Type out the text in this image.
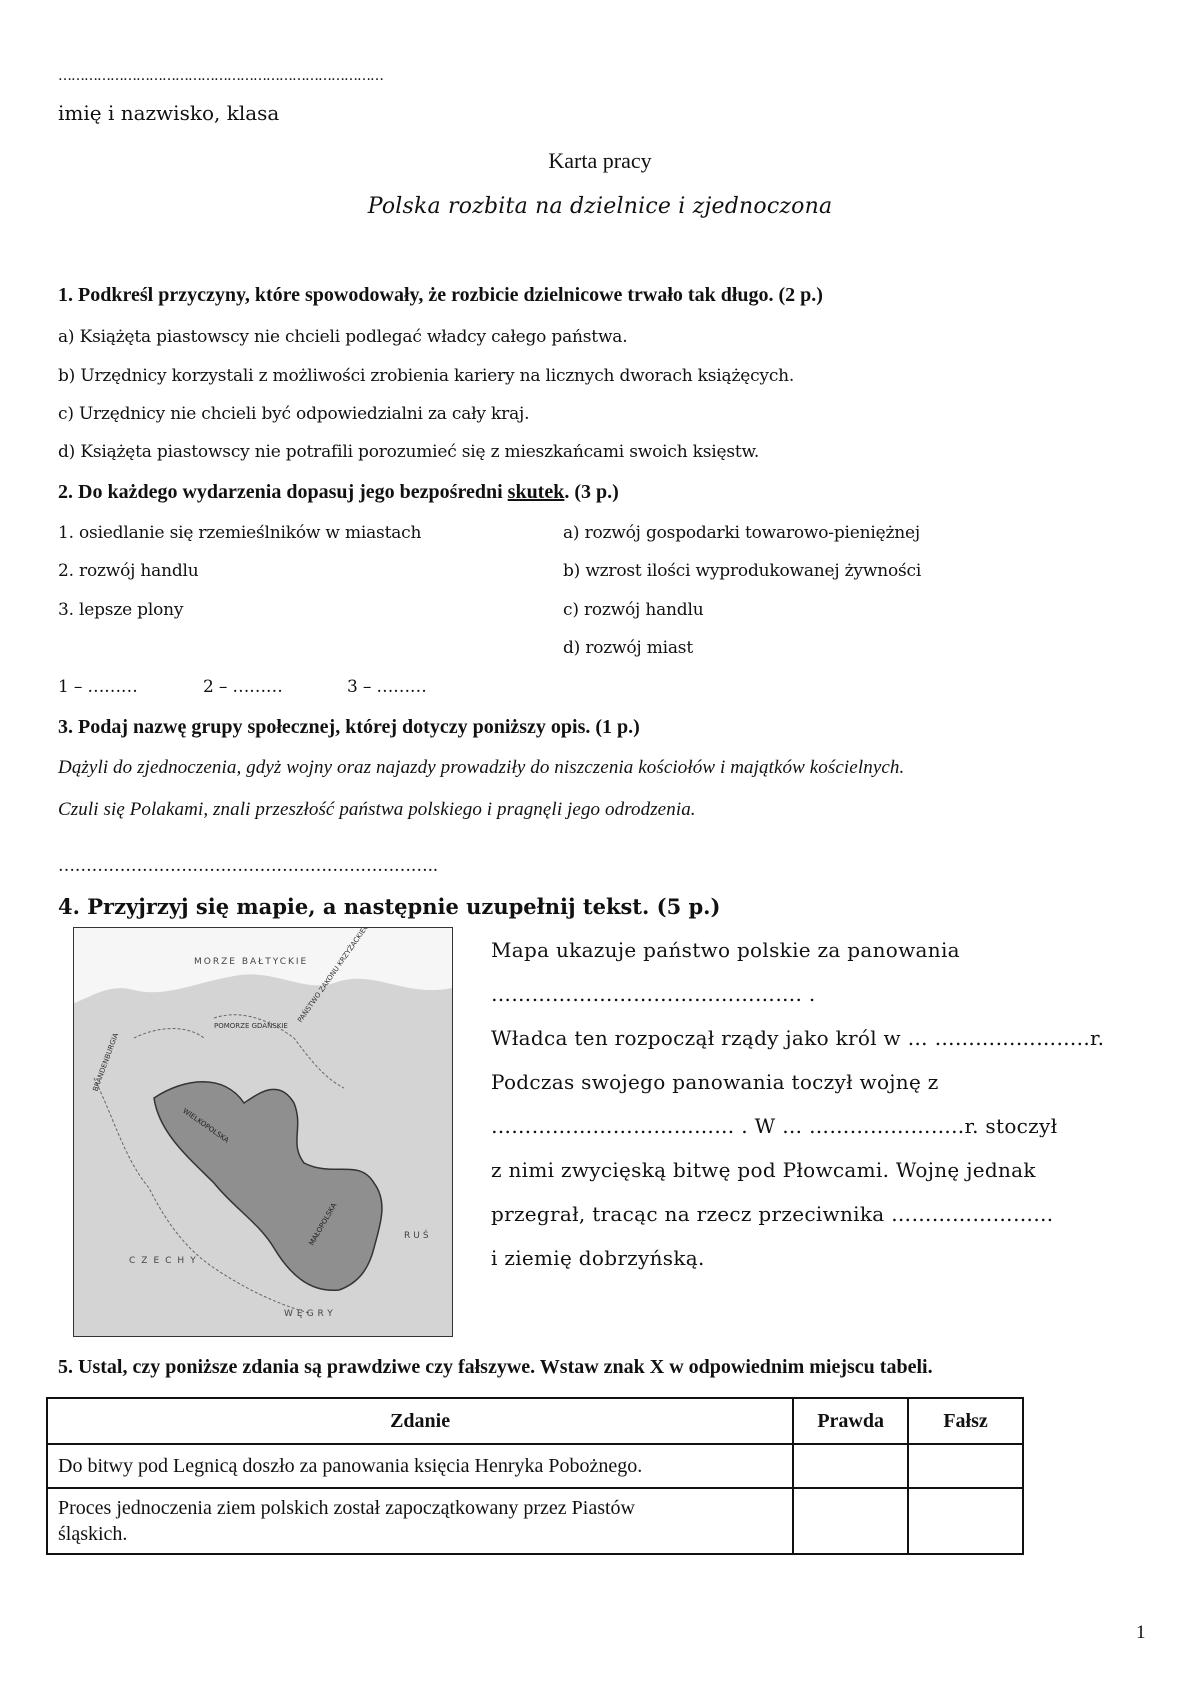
…………………………………………………………………
imię i nazwisko, klasa
Karta pracy
Polska rozbita na dzielnice i zjednoczona
1. Podkreśl przyczyny, które spowodowały, że rozbicie dzielnicowe trwało tak długo. (2 p.)
a) Książęta piastowscy nie chcieli podlegać władcy całego państwa.
b) Urzędnicy korzystali z możliwości zrobienia kariery na licznych dworach książęcych.
c) Urzędnicy nie chcieli być odpowiedzialni za cały kraj.
d) Książęta piastowscy nie potrafili porozumieć się z mieszkańcami swoich księstw.
2. Do każdego wydarzenia dopasuj jego bezpośredni skutek. (3 p.)
1. osiedlanie się rzemieślników w miastach
2. rozwój handlu
3. lepsze plony
a) rozwój gospodarki towarowo-pieniężnej
b) wzrost ilości wyprodukowanej żywności
c) rozwój handlu
d) rozwój miast
1 – ………	2 – ………	3 – ………
3. Podaj nazwę grupy społecznej, której dotyczy poniższy opis. (1 p.)
Dążyli do zjednoczenia, gdyż wojny oraz najazdy prowadziły do niszczenia kościołów i majątków kościelnych.
Czuli się Polakami, znali przeszłość państwa polskiego i pragnęli jego odrodzenia.
…………………………………………………………..
4. Przyjrzyj się mapie, a następnie uzupełnij tekst. (5 p.)
MORZE BAŁTYCKIE
PAŃSTWO ZAKONU KRZYŻACKIEGO
BRANDENBURGIA
POMORZE GDAŃSKIE
WIELKOPOLSKA
MAŁOPOLSKA
CZECHY
RUŚ
WĘGRY
Mapa ukazuje państwo polskie za panowania
………………………………………. .
Władca ten rozpoczął rządy jako król w … …………………..r.
Podczas swojego panowania toczył wojnę z
……………………………… . W … …………………..r. stoczył
z nimi zwycięską bitwę pod Płowcami. Wojnę jednak
przegrał, tracąc na rzecz przeciwnika ……………………
i ziemię dobrzyńską.
5. Ustal, czy poniższe zdania są prawdziwe czy fałszywe. Wstaw znak X w odpowiednim miejscu tabeli.
Zdanie	Prawda	Fałsz
Do bitwy pod Legnicą doszło za panowania księcia Henryka Pobożnego.		
Proces jednoczenia ziem polskich został zapoczątkowany przez Piastów
śląskich.		
1
